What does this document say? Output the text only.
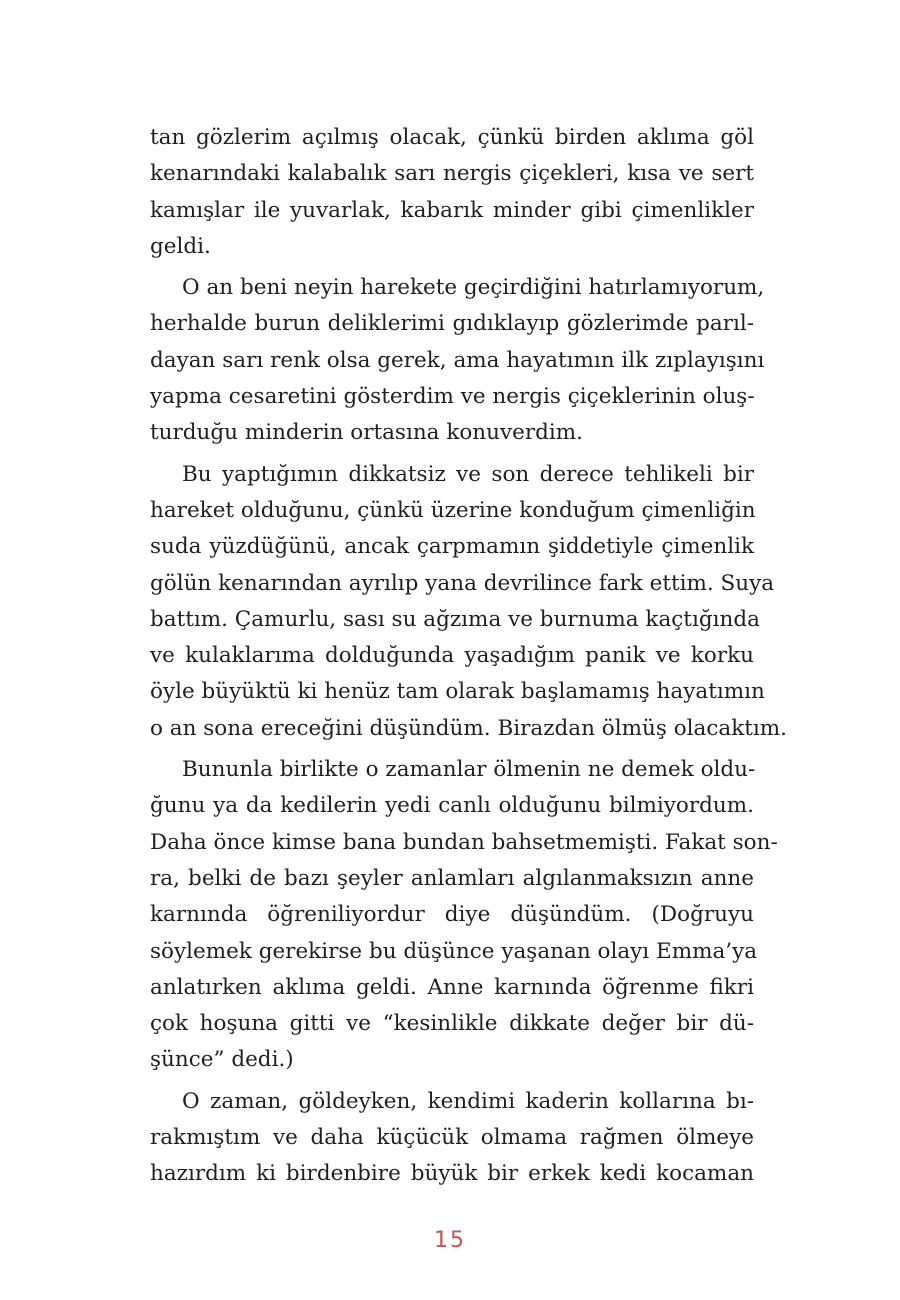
tan gözlerim açılmış olacak, çünkü birden aklıma göl
kenarındaki kalabalık sarı nergis çiçekleri, kısa ve sert
kamışlar ile yuvarlak, kabarık minder gibi çimenlikler
geldi.
O an beni neyin harekete geçirdiğini hatırlamıyorum,
herhalde burun deliklerimi gıdıklayıp gözlerimde parıl-
dayan sarı renk olsa gerek, ama hayatımın ilk zıplayışını
yapma cesaretini gösterdim ve nergis çiçeklerinin oluş-
turduğu minderin ortasına konuverdim.
Bu yaptığımın dikkatsiz ve son derece tehlikeli bir
hareket olduğunu, çünkü üzerine konduğum çimenliğin
suda yüzdüğünü, ancak çarpmamın şiddetiyle çimenlik
gölün kenarından ayrılıp yana devrilince fark ettim. Suya
battım. Çamurlu, sası su ağzıma ve burnuma kaçtığında
ve kulaklarıma dolduğunda yaşadığım panik ve korku
öyle büyüktü ki henüz tam olarak başlamamış hayatımın
o an sona ereceğini düşündüm. Birazdan ölmüş olacaktım.
Bununla birlikte o zamanlar ölmenin ne demek oldu-
ğunu ya da kedilerin yedi canlı olduğunu bilmiyordum.
Daha önce kimse bana bundan bahsetmemişti. Fakat son-
ra, belki de bazı şeyler anlamları algılanmaksızın anne
karnında öğreniliyordur diye düşündüm. (Doğruyu
söylemek gerekirse bu düşünce yaşanan olayı Emma’ya
anlatırken aklıma geldi. Anne karnında öğrenme fikri
çok hoşuna gitti ve “kesinlikle dikkate değer bir dü-
şünce” dedi.)
O zaman, göldeyken, kendimi kaderin kollarına bı-
rakmıştım ve daha küçücük olmama rağmen ölmeye
hazırdım ki birdenbire büyük bir erkek kedi kocaman
15
